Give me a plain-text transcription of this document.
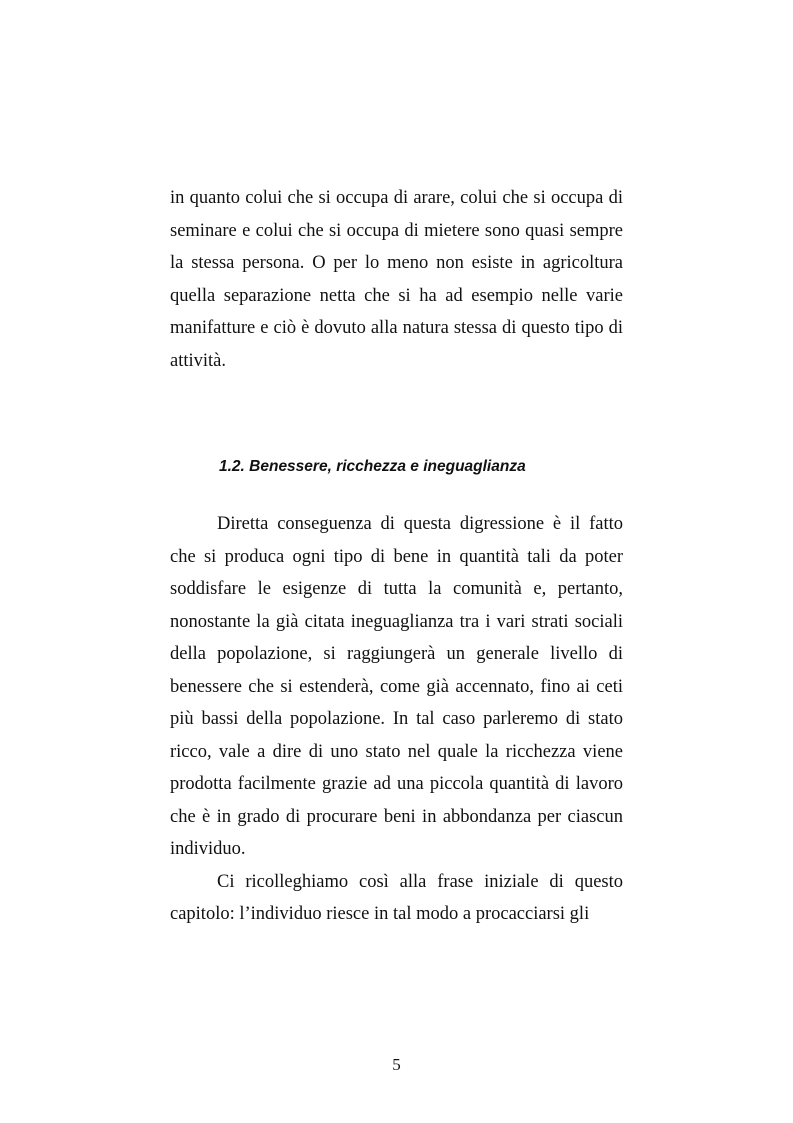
in quanto colui che si occupa di arare, colui che si occupa di seminare e colui che si occupa di mietere sono quasi sempre la stessa persona. O per lo meno non esiste in agricoltura quella separazione netta che si ha ad esempio nelle varie manifatture e ciò è dovuto alla natura stessa di questo tipo di attività.

1.2. Benessere, ricchezza e ineguaglianza

Diretta conseguenza di questa digressione è il fatto che si produca ogni tipo di bene in quantità tali da poter soddisfare le esigenze di tutta la comunità e, pertanto, nonostante la già citata ineguaglianza tra i vari strati sociali della popolazione, si raggiungerà un generale livello di benessere che si estenderà, come già accennato, fino ai ceti più bassi della popolazione. In tal caso parleremo di stato ricco, vale a dire di uno stato nel quale la ricchezza viene prodotta facilmente grazie ad una piccola quantità di lavoro che è in grado di procurare beni in abbondanza per ciascun individuo.

Ci ricolleghiamo così alla frase iniziale di questo capitolo: l’individuo riesce in tal modo a procacciarsi gli

5
